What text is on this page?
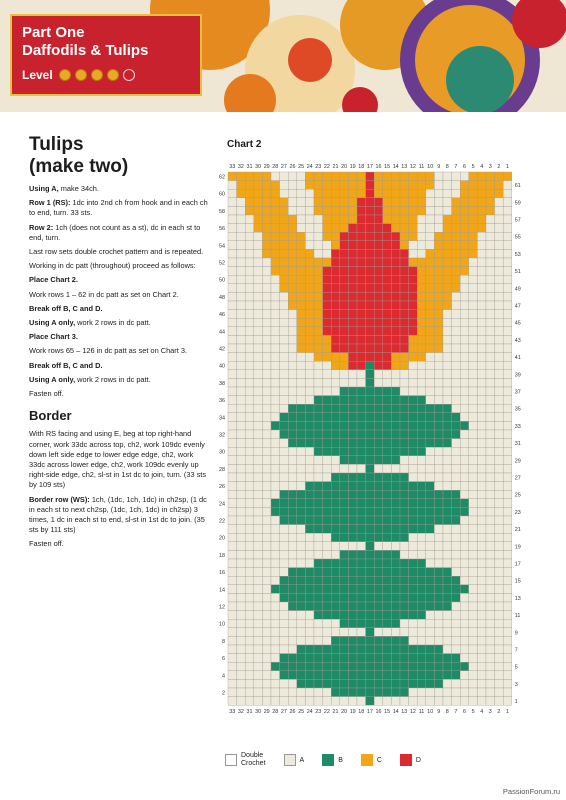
Part One
Daffodils & Tulips
Level
Tulips
(make two)
Using A, make 34ch.
Row 1 (RS): 1dc into 2nd ch from hook and in each ch to end, turn. 33 sts.
Row 2: 1ch (does not count as a st), dc in each st to end, turn.
Last row sets double crochet pattern and is repeated.
Working in dc patt (throughout) proceed as follows:
Place Chart 2.
Work rows 1 – 62 in dc patt as set on Chart 2.
Break off B, C and D.
Using A only, work 2 rows in dc patt.
Place Chart 3.
Work rows 65 – 126 in dc patt as set on Chart 3.
Break off B, C and D.
Using A only, work 2 rows in dc patt.
Fasten off.
Border
With RS facing and using E, beg at top right-hand corner, work 33dc across top, ch2, work 109dc evenly down left side edge to lower edge edge, ch2, work 33dc across lower edge, ch2, work 109dc evenly up right-side edge, ch2, sl-st in 1st dc to join, turn. (33 sts by 109 sts)
Border row (WS): 1ch, (1dc, 1ch, 1dc) in ch2sp, (1 dc in each st to next ch2sp, (1dc, 1ch, 1dc) in ch2sp) 3 times, 1 dc in each st to end, sl-st in 1st dc to join. (35 sts by 111 sts)
Fasten off.
Chart 2
33
33
32
32
31
31
30
30
29
29
28
28
27
27
26
26
25
25
24
24
23
23
22
22
21
21
20
20
19
19
18
18
17
17
16
16
15
15
14
14
13
13
12
12
11
11
10
10
9
9
8
8
7
7
6
6
5
5
4
4
3
3
2
2
1
1
62
60
58
56
54
52
50
48
46
44
42
40
38
36
34
32
30
28
26
24
22
20
18
16
14
12
10
8
6
4
2
61
59
57
55
53
51
49
47
45
43
41
39
37
35
33
31
29
27
25
23
21
19
17
15
13
11
9
7
5
3
1
Double
Crochet	A	B	C	D
PassionForum.ru
